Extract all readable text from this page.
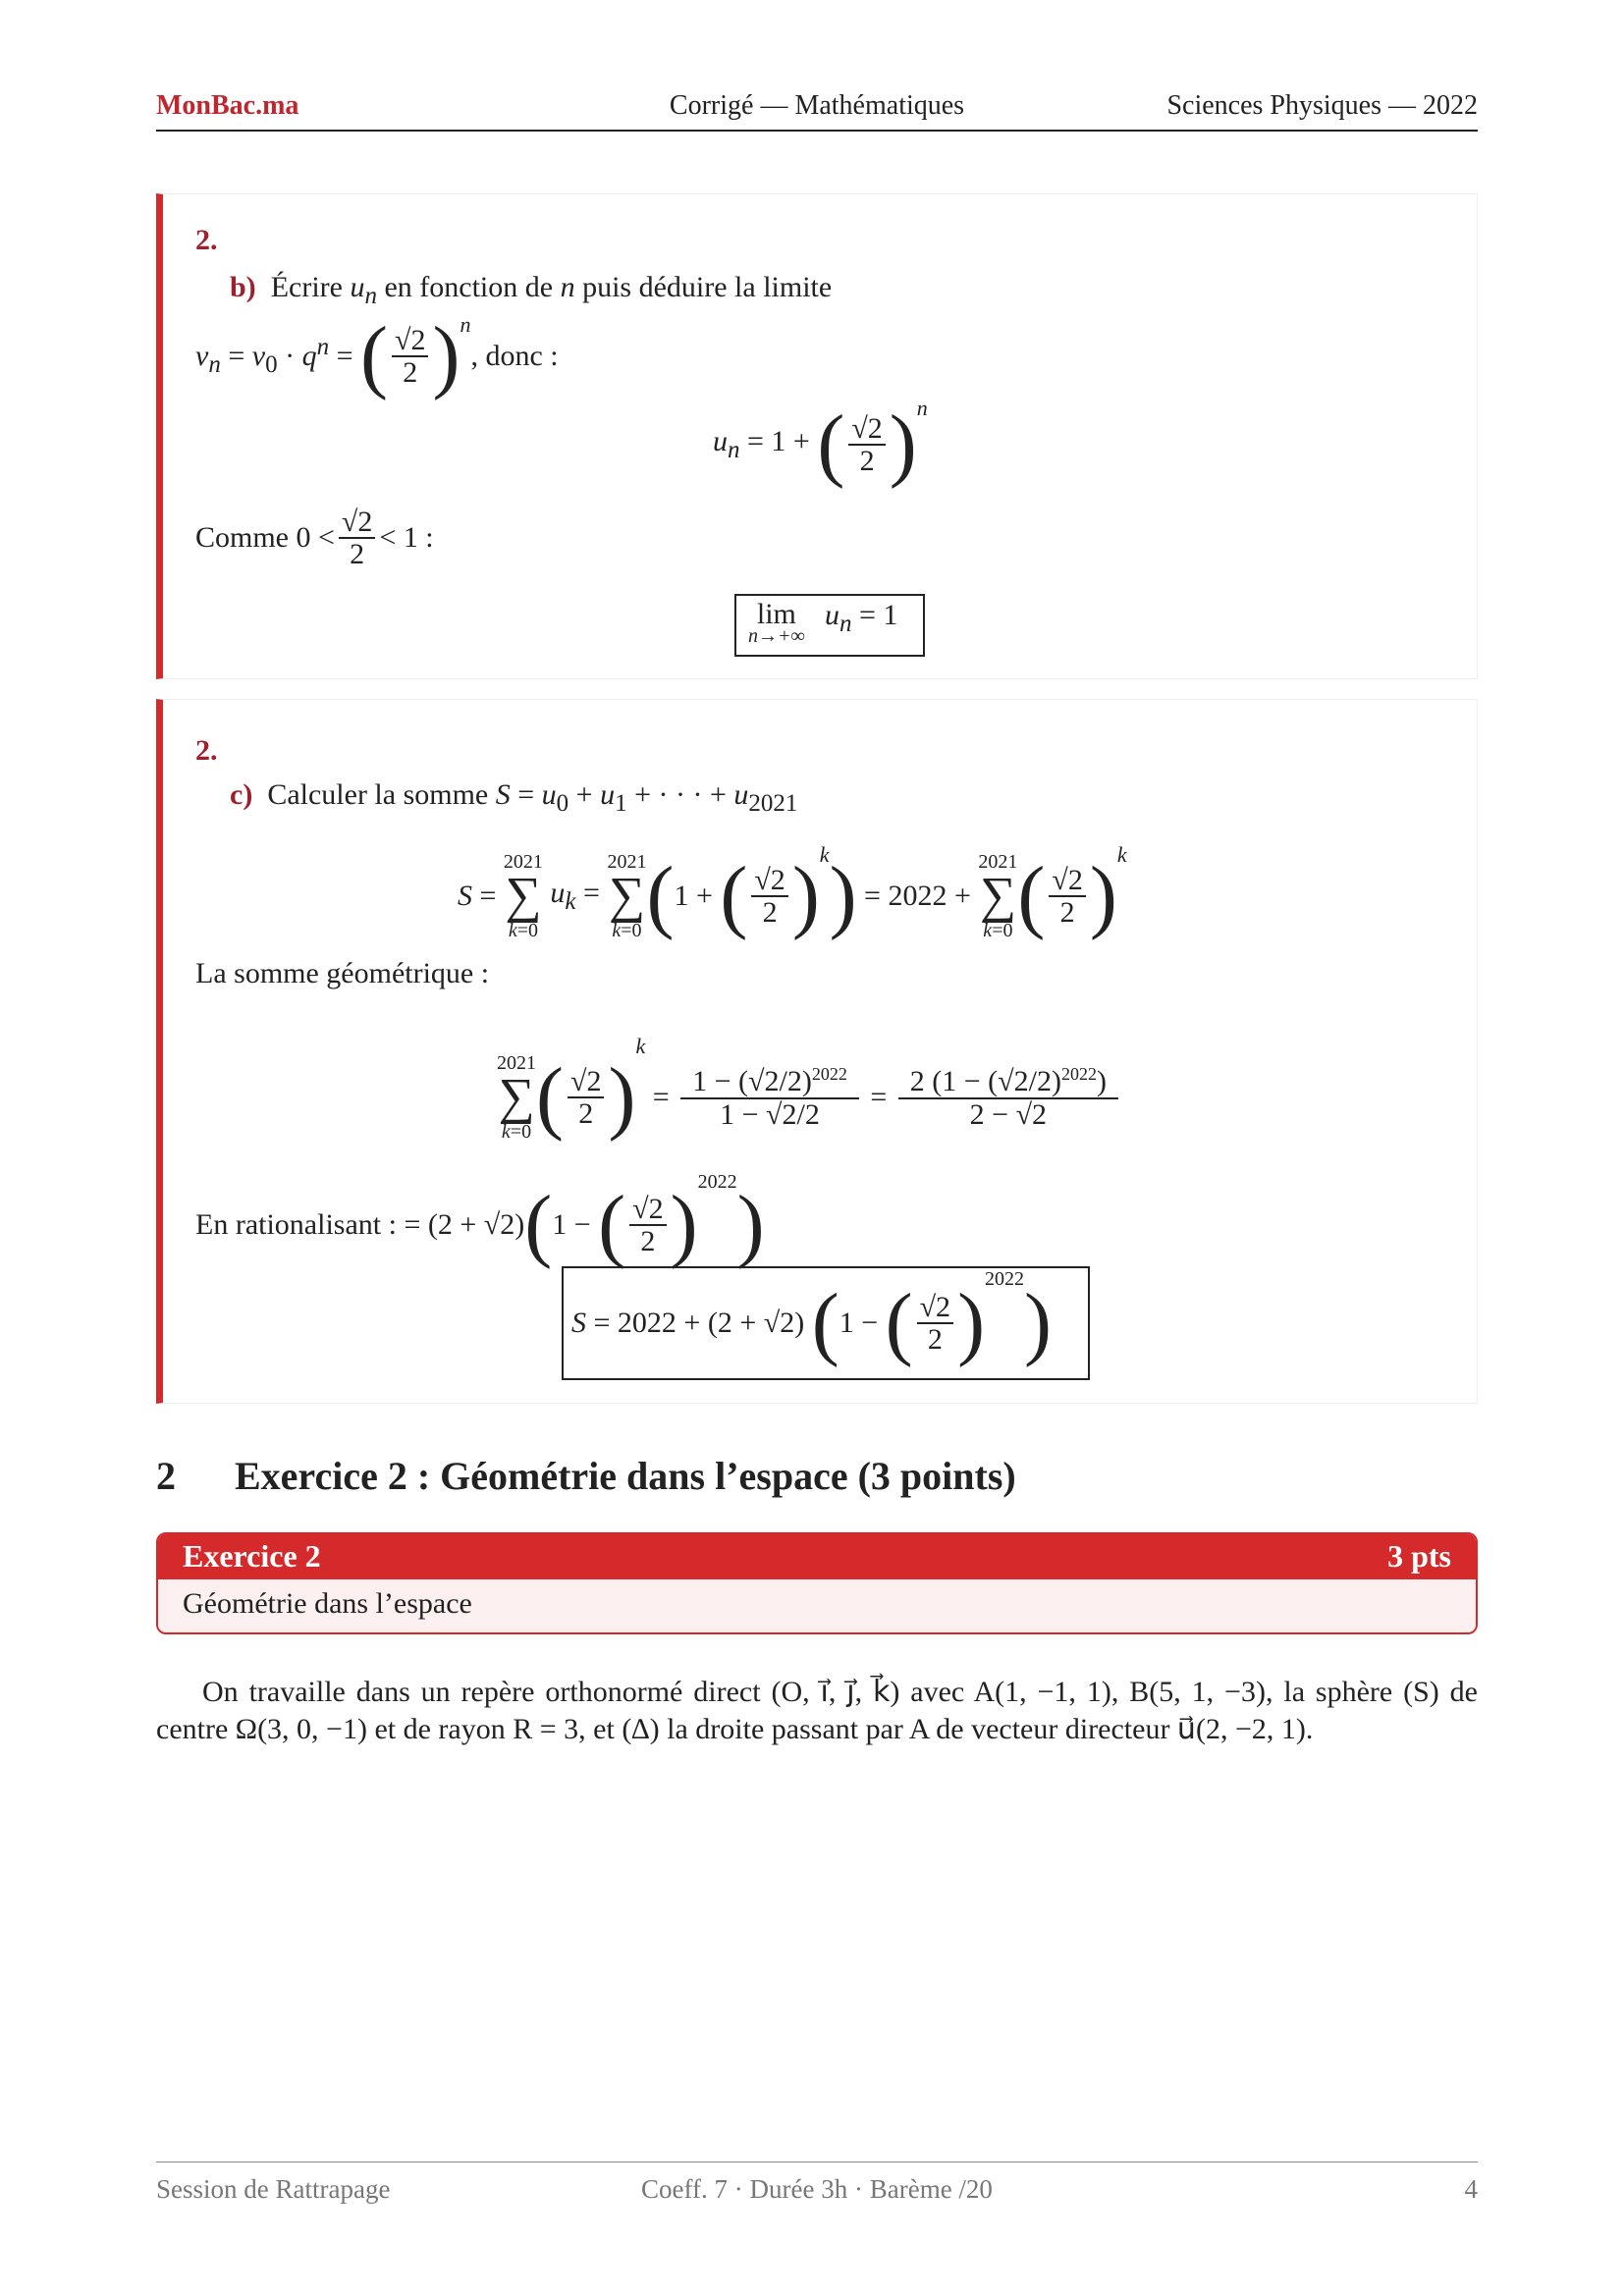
MonBac.ma	Corrigé — Mathématiques	Sciences Physiques — 2022
2.
b)  Écrire $u_n$ en fonction de n puis déduire la limite
$v_n = v_0 \cdot q^n$ = ( $\frac{√2}{2} )^n$
, donc :
$u_n = 1$ + ( $\frac{√2}{2} )^n$
Comme $0 < \frac{√2}{2} < 1$ :
lim
n→+∞
$u_n = 1$
2.
c)  Calculer la somme $S = u_0 + u_1$ + · · · + $u_{2021}$
S =
2021
∑
k=0
$u_k$ =
2021
∑
k=0 ( 1 + ( $\frac{√2}{2} )^k$ ) = 2022 +
2021
∑
k=0 ( $\frac{√2}{2} )^k$
La somme géométrique :
2021
∑
k=0 ( $\frac{√2}{2}$ )
$^k$
= $\frac{1 - (√2/2)^{2022}}{1 - √2/2} = \frac{2 (1 - (√2/2)^{2022})}{2 - √2}$
En rationalisant : = (2 + √2) ( 1 − ( $\frac{√2}{2} )^{2022}$ )
S = 2022 + (2 + √2) ( 1 − ( $\frac{√2}{2} )^{2022}$ )
2 Exercice 2 : Géométrie dans l’espace (3 points)
Exercice 2	3 pts
Géométrie dans l’espace
On travaille dans un repère orthonormé direct (O, i⃗, j⃗, k⃗) avec A(1, −1, 1), B(5, 1, −3), la sphère (S) de centre Ω(3, 0, −1) et de rayon R = 3, et (∆) la droite passant par A de vecteur directeur u⃗(2, −2, 1).
Session de Rattrapage	Coeff. 7 · Durée 3h · Barème /20	4
